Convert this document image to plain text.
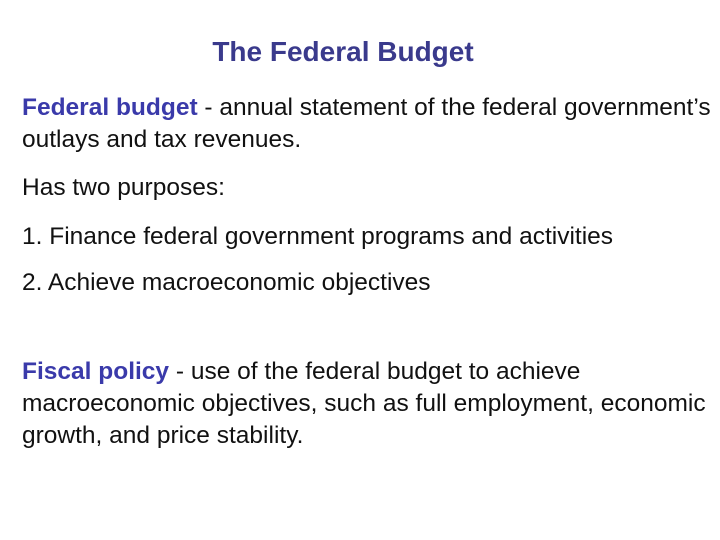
The Federal Budget
Federal budget - annual statement of the federal government’s outlays and tax revenues.
Has two purposes:
1. Finance federal government programs and activities
2. Achieve macroeconomic objectives
Fiscal policy - use of the federal budget to achieve macroeconomic objectives, such as full employment, economic growth, and price stability.
